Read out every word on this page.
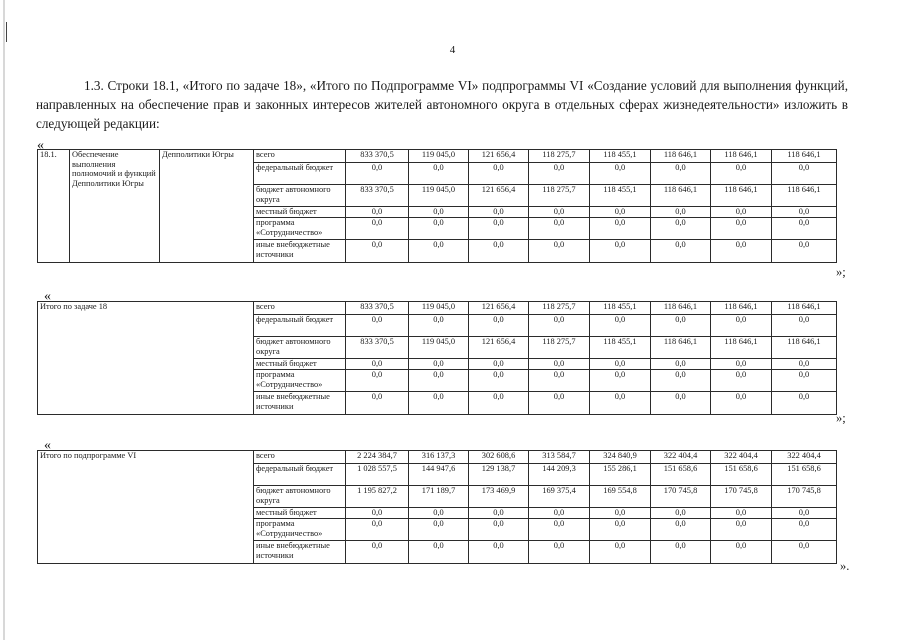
4
1.3. Строки 18.1, «Итого по задаче 18», «Итого по Подпрограмме VI» подпрограммы VI «Создание условий для выполнения функций, направленных на обеспечение прав и законных интересов жителей автономного округа в отдельных сферах жизнедеятельности» изложить в следующей редакции:
«
18.1.	Обеспечение выполнения полномочий и функций Депполитики Югры	Депполитики Югры	всего	833 370,5	119 045,0	121 656,4	118 275,7	118 455,1	118 646,1	118 646,1	118 646,1
			федеральный бюджет	0,0	0,0	0,0	0,0	0,0	0,0	0,0	0,0
			бюджет автономного округа	833 370,5	119 045,0	121 656,4	118 275,7	118 455,1	118 646,1	118 646,1	118 646,1
			местный бюджет	0,0	0,0	0,0	0,0	0,0	0,0	0,0	0,0
			программа «Сотрудничество»	0,0	0,0	0,0	0,0	0,0	0,0	0,0	0,0
			иные внебюджетные источники	0,0	0,0	0,0	0,0	0,0	0,0	0,0	0,0
»;
«
Итого по задаче 18	всего	833 370,5	119 045,0	121 656,4	118 275,7	118 455,1	118 646,1	118 646,1	118 646,1
	федеральный бюджет	0,0	0,0	0,0	0,0	0,0	0,0	0,0	0,0
	бюджет автономного округа	833 370,5	119 045,0	121 656,4	118 275,7	118 455,1	118 646,1	118 646,1	118 646,1
	местный бюджет	0,0	0,0	0,0	0,0	0,0	0,0	0,0	0,0
	программа «Сотрудничество»	0,0	0,0	0,0	0,0	0,0	0,0	0,0	0,0
	иные внебюджетные источники	0,0	0,0	0,0	0,0	0,0	0,0	0,0	0,0
»;
«
Итого по подпрограмме VI	всего	2 224 384,7	316 137,3	302 608,6	313 584,7	324 840,9	322 404,4	322 404,4	322 404,4
	федеральный бюджет	1 028 557,5	144 947,6	129 138,7	144 209,3	155 286,1	151 658,6	151 658,6	151 658,6
	бюджет автономного округа	1 195 827,2	171 189,7	173 469,9	169 375,4	169 554,8	170 745,8	170 745,8	170 745,8
	местный бюджет	0,0	0,0	0,0	0,0	0,0	0,0	0,0	0,0
	программа «Сотрудничество»	0,0	0,0	0,0	0,0	0,0	0,0	0,0	0,0
	иные внебюджетные источники	0,0	0,0	0,0	0,0	0,0	0,0	0,0	0,0
».
